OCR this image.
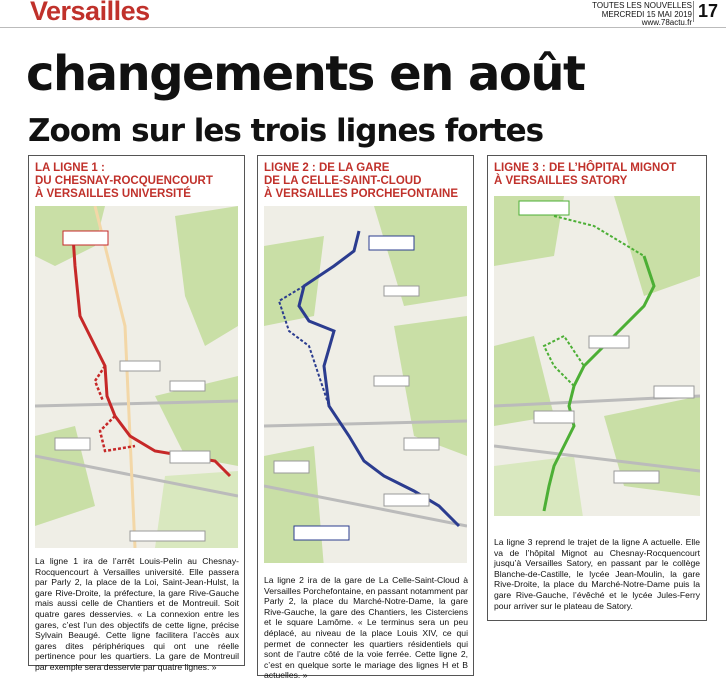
Versailles	TOUTES LES NOUVELLES
MERCREDI 15 MAI 2019
www.78actu.fr
17
changements en août
Zoom sur les trois lignes fortes
LA LIGNE 1 :
DU CHESNAY-ROCQUENCOURT
À VERSAILLES UNIVERSITÉ
La ligne 1 ira de l’arrêt Louis-Pelin au Chesnay-Rocquencourt à Versailles université. Elle passera par Parly 2, la place de la Loi, Saint-Jean-Hulst, la gare Rive-Droite, la préfecture, la gare Rive-Gauche mais aussi celle de Chantiers et de Montreuil. Soit quatre gares desservies. « La connexion entre les gares, c’est l’un des objectifs de cette ligne, précise Sylvain Beaugé. Cette ligne facilitera l’accès aux gares dites périphériques qui ont une réelle pertinence pour les quartiers. La gare de Montreuil par exemple sera desservie par quatre lignes. »
LIGNE 2 : DE LA GARE
DE LA CELLE-SAINT-CLOUD
À VERSAILLES PORCHEFONTAINE
La ligne 2 ira de la gare de La Celle-Saint-Cloud à Versailles Porchefontaine, en passant notamment par Parly 2, la place du Marché-Notre-Dame, la gare Rive-Gauche, la gare des Chantiers, les Cisterciens et le square Lamôme. « Le terminus sera un peu déplacé, au niveau de la place Louis XIV, ce qui permet de connecter les quartiers résidentiels qui sont de l’autre côté de la voie ferrée. Cette ligne 2, c’est en quelque sorte le mariage des lignes H et B actuelles. »
LIGNE 3 : DE L’HÔPITAL MIGNOT
À VERSAILLES SATORY
La ligne 3 reprend le trajet de la ligne A actuelle. Elle va de l’hôpital Mignot au Chesnay-Rocquencourt jusqu’à Versailles Satory, en passant par le collège Blanche-de-Castille, le lycée Jean-Moulin, la gare Rive-Droite, la place du Marché-Notre-Dame puis la gare Rive-Gauche, l’évêché et le lycée Jules-Ferry pour arriver sur le plateau de Satory.
